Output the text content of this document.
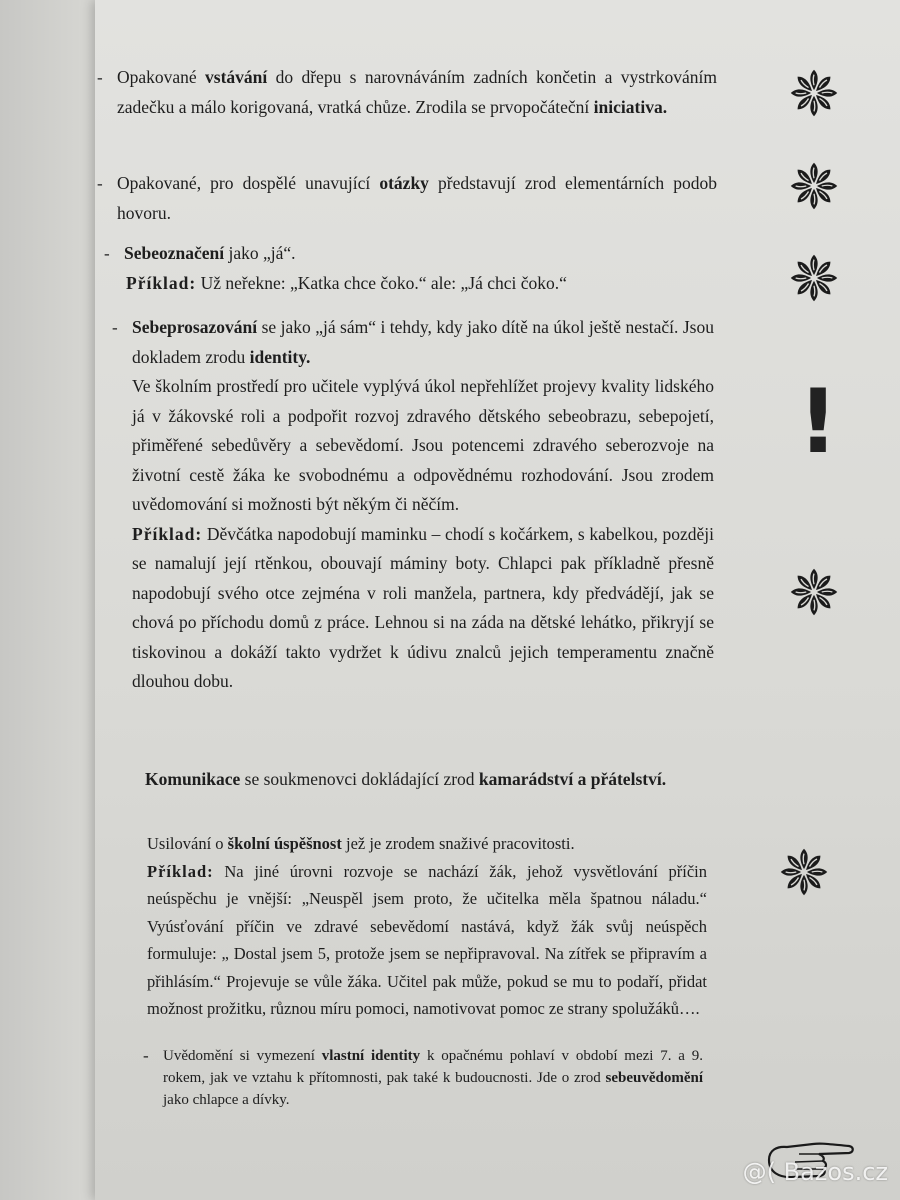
- Opakované vstávání do dřepu s narovnáváním zadních končetin a vystrkováním zadečku a málo korigovaná, vratká chůze. Zrodila se prvopočáteční iniciativa.

- Opakované, pro dospělé unavující otázky představují zrod elementárních podob hovoru.

- Sebeoznačení jako „já“.

Příklad: Už neřekne: „Katka chce čoko.“ ale: „Já chci čoko.“

- Sebeprosazování se jako „já sám“ i tehdy, kdy jako dítě na úkol ještě nestačí. Jsou dokladem zrodu identity.

Ve školním prostředí pro učitele vyplývá úkol nepřehlížet projevy kvality lidského já v žákovské roli a podpořit rozvoj zdravého dětského sebeobrazu, sebepojetí, přiměřené sebedůvěry a sebevědomí. Jsou potencemi zdravého seberozvoje na životní cestě žáka ke svobodnému a odpovědnému rozhodování. Jsou zrodem uvědomování si možnosti být někým či něčím.

Příklad: Děvčátka napodobují maminku – chodí s kočárkem, s kabelkou, později se namalují její rtěnkou, obouvají máminy boty. Chlapci pak příkladně přesně napodobují svého otce zejména v roli manžela, partnera, kdy předvádějí, jak se chová po příchodu domů z práce. Lehnou si na záda na dětské lehátko, přikryjí se tiskovinou a dokáží takto vydržet k údivu znalců jejich temperamentu značně dlouhou dobu.

Komunikace se soukmenovci dokládající zrod kamarádství a přátelství.

Usilování o školní úspěšnost jež je zrodem snaživé pracovitosti.

Příklad: Na jiné úrovni rozvoje se nachází žák, jehož vysvětlování příčin neúspěchu je vnější: „Neuspěl jsem proto, že učitelka měla špatnou náladu.“ Vyúsťování příčin ve zdravé sebevědomí nastává, když žák svůj neúspěch formuluje: „ Dostal jsem 5, protože jsem se nepřipravoval. Na zítřek se připravím a přihlásím.“ Projevuje se vůle žáka. Učitel pak může, pokud se mu to podaří, přidat možnost prožitku, různou míru pomoci, namotivovat pomoc ze strany spolužáků….

- Uvědomění si vymezení vlastní identity k opačnému pohlaví v období mezi 7. a 9. rokem, jak ve vztahu k přítomnosti, pak také k budoucnosti. Jde o zrod sebeuvědomění jako chlapce a dívky.

!
@( Bazos.cz
